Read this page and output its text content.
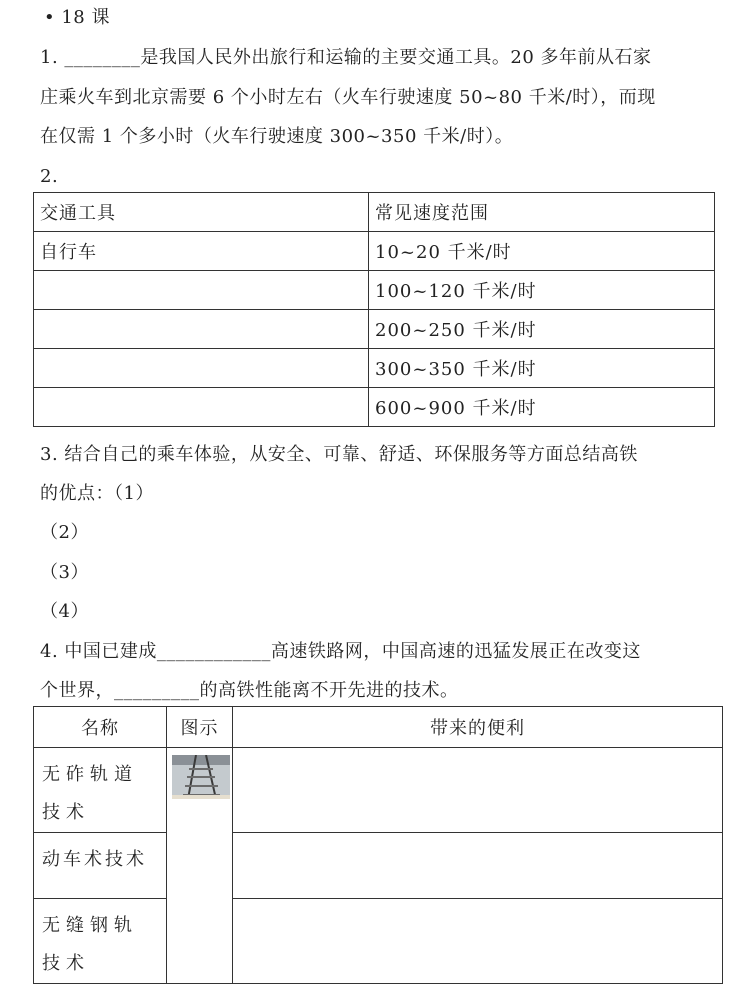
• 18 课
1. ________是我国人民外出旅行和运输的主要交通工具。20 多年前从石家
庄乘火车到北京需要 6 个小时左右（火车行驶速度 50~80 千米/时），而现
在仅需 1 个多小时（火车行驶速度 300~350 千米/时）。
2.
交通工具	常见速度范围
自行车	10~20 千米/时
	100~120 千米/时
	200~250 千米/时
	300~350 千米/时
	600~900 千米/时
3. 结合自己的乘车体验，从安全、可靠、舒适、环保服务等方面总结高铁
的优点：（1）
（2）
（3）
（4）
4. 中国已建成____________高速铁路网，中国高速的迅猛发展正在改变这
个世界，_________的高铁性能离不开先进的技术。
名称	图示	带来的便利
无砟轨道技术	

动车术技术		
无缝钢轨技术		
